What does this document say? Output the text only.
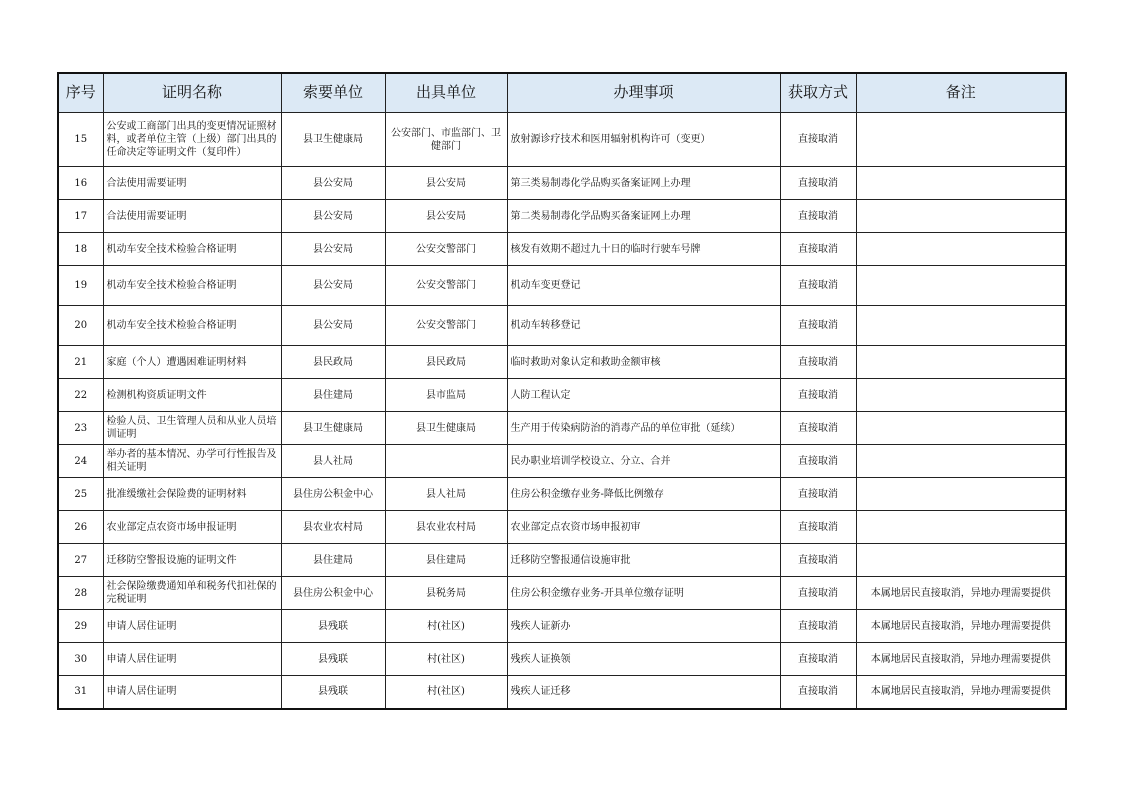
序号	证明名称	索要单位	出具单位	办理事项	获取方式	备注
15	公安或工商部门出具的变更情况证照材料，或者单位主管（上级）部门出具的任命决定等证明文件（复印件）	县卫生健康局	公安部门、市监部门、卫健部门	放射源诊疗技术和医用辐射机构许可（变更）	直接取消	
16	合法使用需要证明	县公安局	县公安局	第三类易制毒化学品购买备案证网上办理	直接取消	
17	合法使用需要证明	县公安局	县公安局	第二类易制毒化学品购买备案证网上办理	直接取消	
18	机动车安全技术检验合格证明	县公安局	公安交警部门	核发有效期不超过九十日的临时行驶车号牌	直接取消	
19	机动车安全技术检验合格证明	县公安局	公安交警部门	机动车变更登记	直接取消	
20	机动车安全技术检验合格证明	县公安局	公安交警部门	机动车转移登记	直接取消	
21	家庭（个人）遭遇困难证明材料	县民政局	县民政局	临时救助对象认定和救助金额审核	直接取消	
22	检测机构资质证明文件	县住建局	县市监局	人防工程认定	直接取消	
23	检验人员、卫生管理人员和从业人员培训证明	县卫生健康局	县卫生健康局	生产用于传染病防治的消毒产品的单位审批（延续）	直接取消	
24	举办者的基本情况、办学可行性报告及相关证明	县人社局		民办职业培训学校设立、分立、合并	直接取消	
25	批准缓缴社会保险费的证明材料	县住房公积金中心	县人社局	住房公积金缴存业务-降低比例缴存	直接取消	
26	农业部定点农资市场申报证明	县农业农村局	县农业农村局	农业部定点农资市场申报初审	直接取消	
27	迁移防空警报设施的证明文件	县住建局	县住建局	迁移防空警报通信设施审批	直接取消	
28	社会保险缴费通知单和税务代扣社保的完税证明	县住房公积金中心	县税务局	住房公积金缴存业务-开具单位缴存证明	直接取消	本属地居民直接取消，异地办理需要提供
29	申请人居住证明	县残联	村(社区)	残疾人证新办	直接取消	本属地居民直接取消，异地办理需要提供
30	申请人居住证明	县残联	村(社区)	残疾人证换领	直接取消	本属地居民直接取消，异地办理需要提供
31	申请人居住证明	县残联	村(社区)	残疾人证迁移	直接取消	本属地居民直接取消，异地办理需要提供
